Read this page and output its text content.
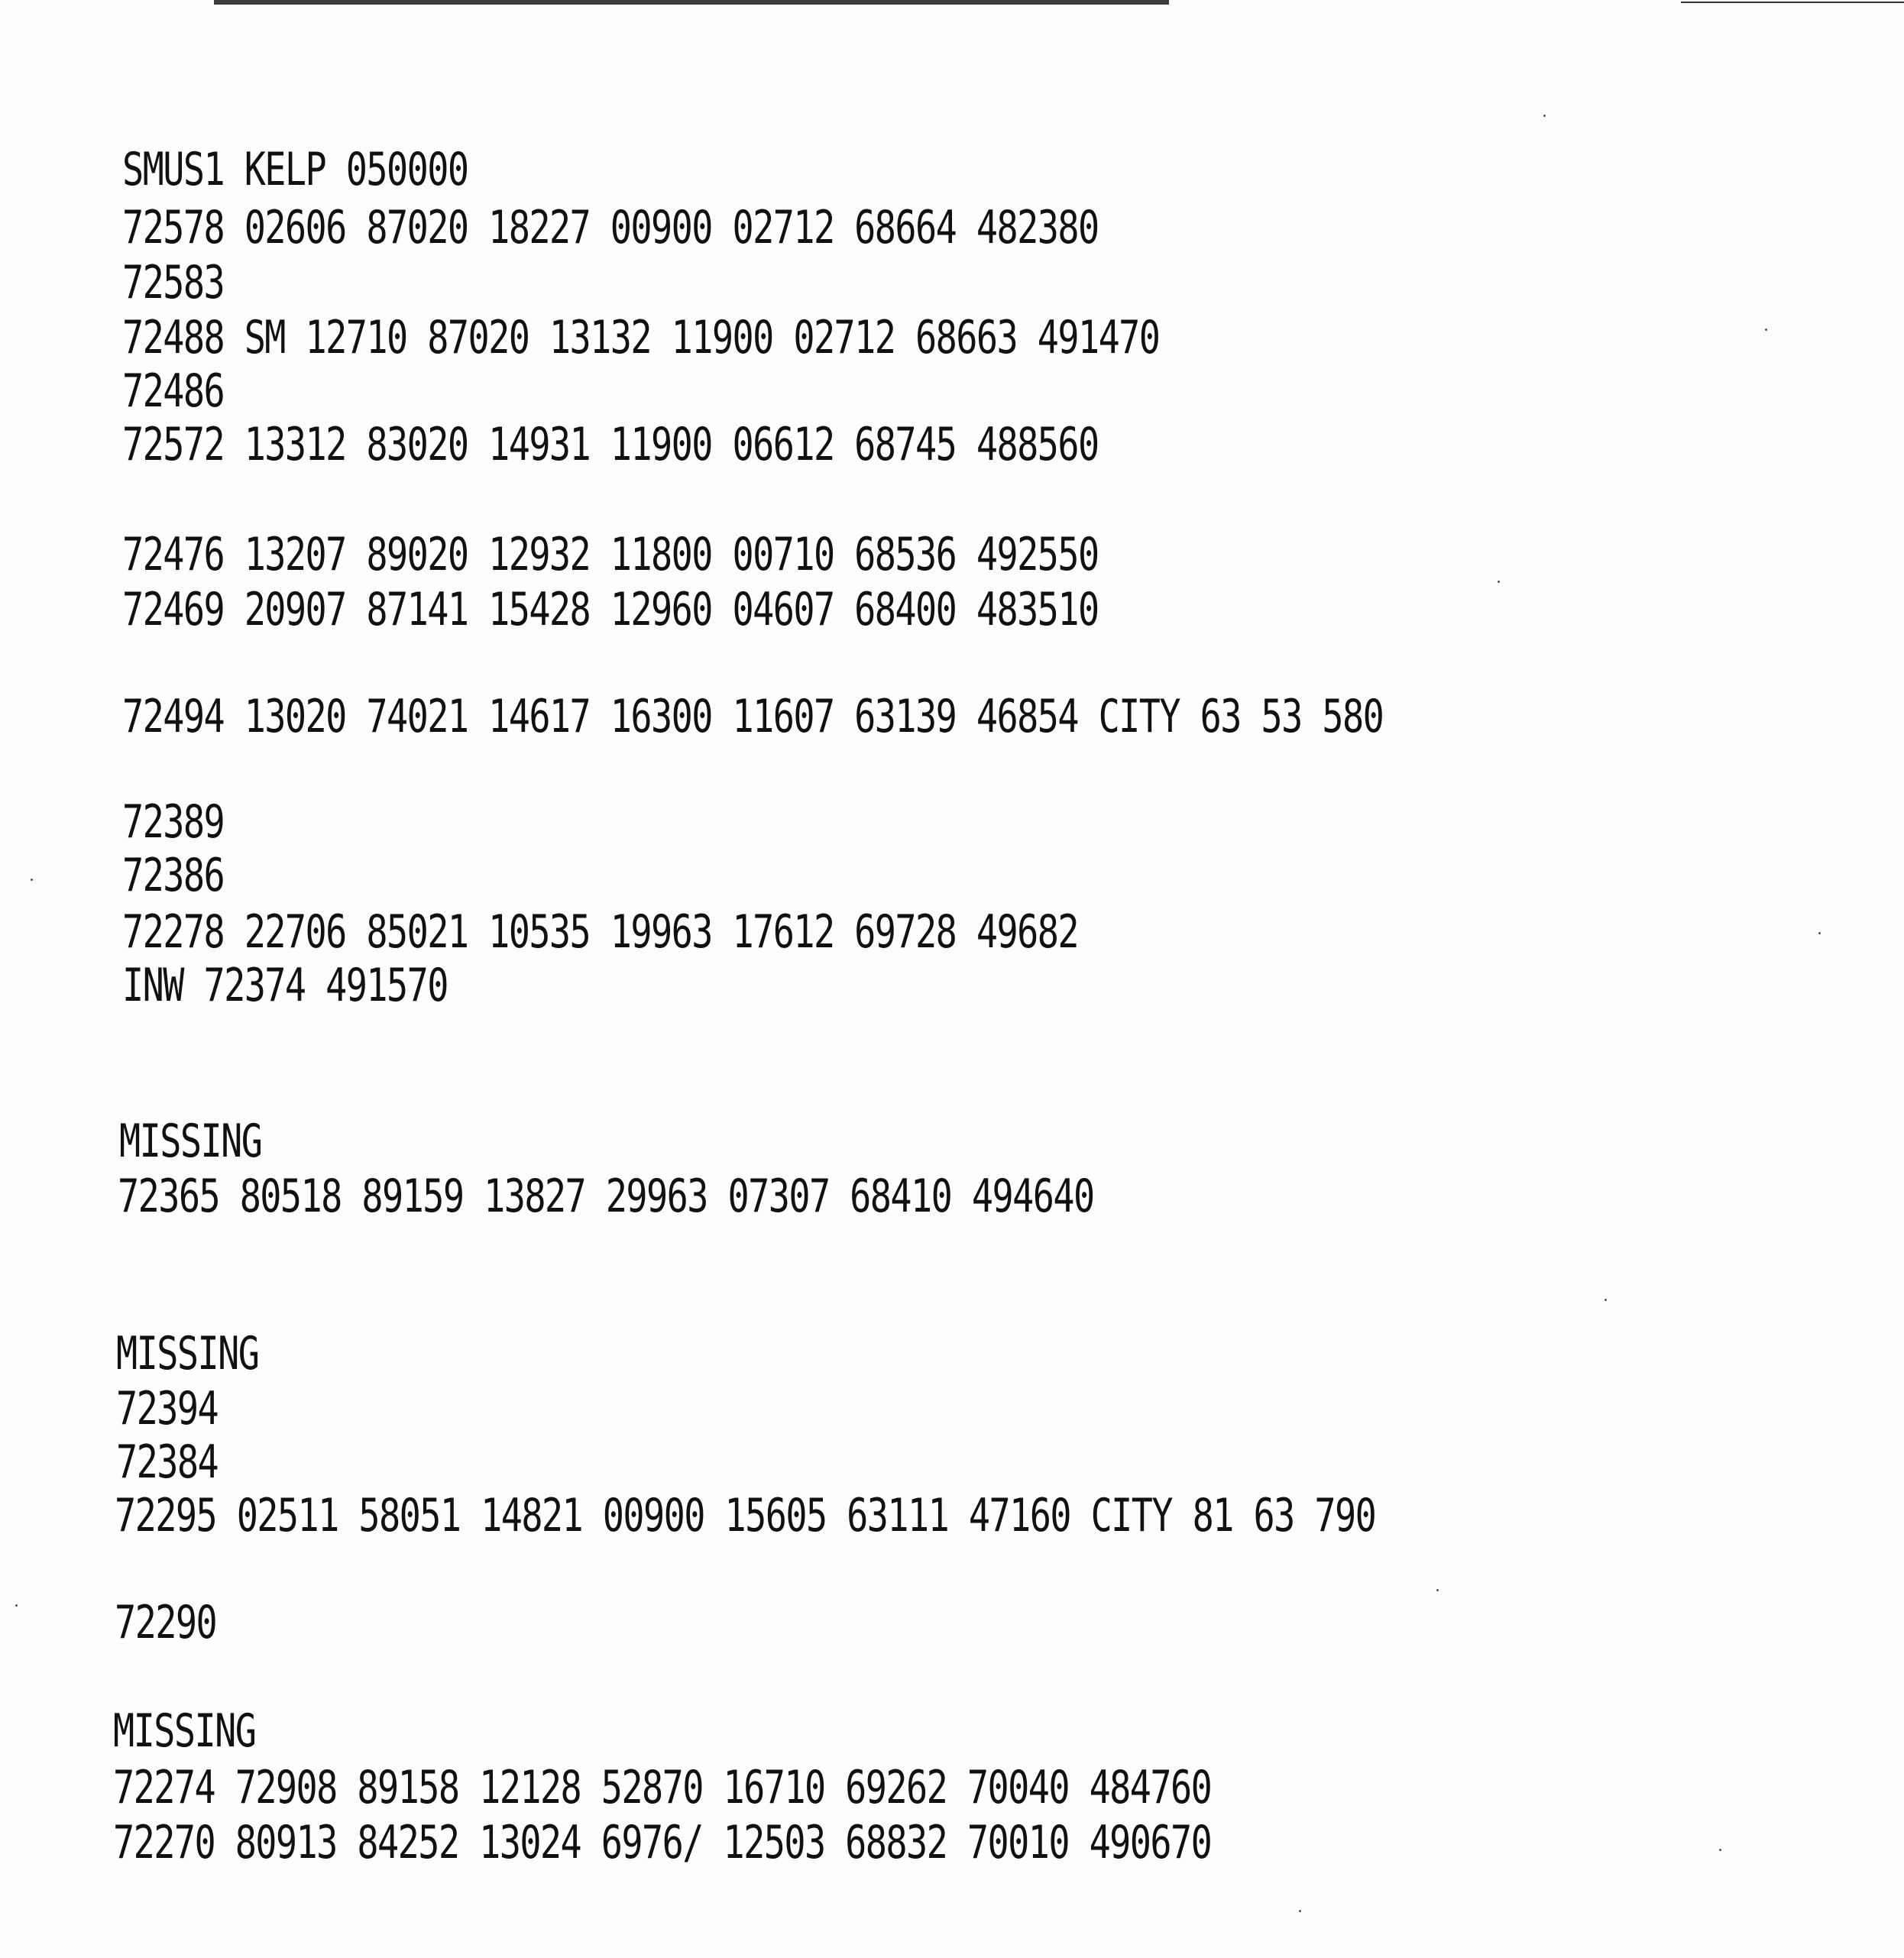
SMUS1 KELP 050000
72578 02606 87020 18227 00900 02712 68664 482380
72583
72488 SM 12710 87020 13132 11900 02712 68663 491470
72486
72572 13312 83020 14931 11900 06612 68745 488560
72476 13207 89020 12932 11800 00710 68536 492550
72469 20907 87141 15428 12960 04607 68400 483510
72494 13020 74021 14617 16300 11607 63139 46854 CITY 63 53 580
72389
72386
72278 22706 85021 10535 19963 17612 69728 49682
INW 72374 491570
MISSING
72365 80518 89159 13827 29963 07307 68410 494640
MISSING
72394
72384
72295 02511 58051 14821 00900 15605 63111 47160 CITY 81 63 790
72290
MISSING
72274 72908 89158 12128 52870 16710 69262 70040 484760
72270 80913 84252 13024 6976/ 12503 68832 70010 490670
